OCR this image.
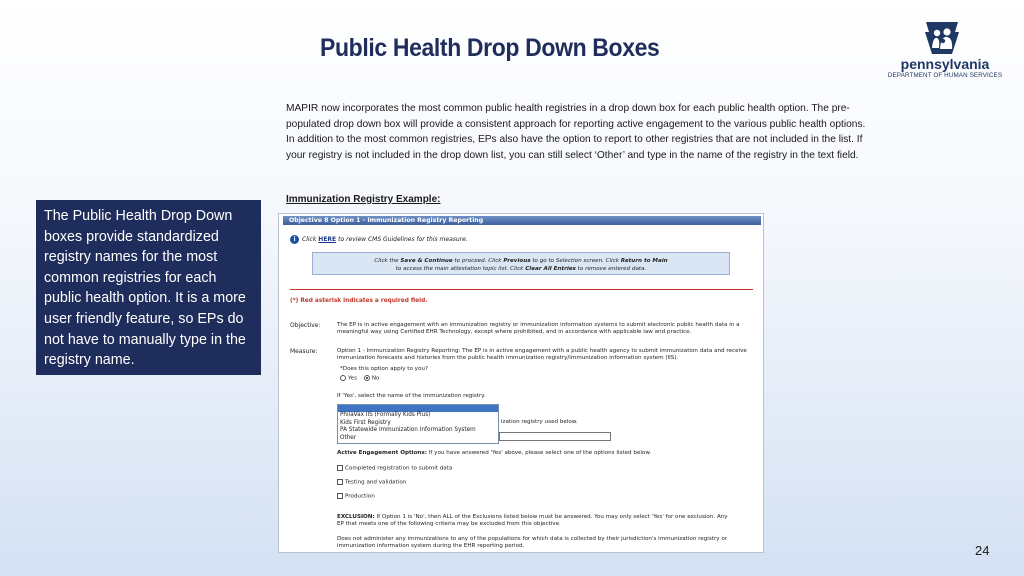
Public Health Drop Down Boxes
pennsylvania
DEPARTMENT OF HUMAN SERVICES
MAPIR now incorporates the most common public health registries in a drop down box for each public health option. The pre-populated drop down box will provide a consistent approach for reporting active engagement to the various public health options. In addition to the most common registries, EPs also have the option to report to other registries that are not included in the list. If your registry is not included in the drop down list, you can still select ‘Other’ and type in the name of the registry in the text field.
Immunization Registry Example:
The Public Health Drop Down boxes provide standardized registry names for the most common registries for each public health option. It is a more user friendly feature, so EPs do not have to manually type in the registry name.
Objective 8 Option 1 - Immunization Registry Reporting
i	Click HERE to review CMS Guidelines for this measure.
Click the Save & Continue to proceed. Click Previous to go to Selection screen. Click Return to Main
to access the main attestation topic list. Click Clear All Entries to remove entered data.
(*) Red asterisk indicates a required field.
Objective:	The EP is in active engagement with an immunization registry or immunization information systems to submit electronic public health data in a meaningful way using Certified EHR Technology, except where prohibited, and in accordance with applicable law and practice.
Measure:	Option 1 - Immunization Registry Reporting: The EP is in active engagement with a public health agency to submit immunization data and receive immunization forecasts and histories from the public health immunization registry/immunization information system (IIS).
*Does this option apply to you?
Yes	No
If 'Yes', select the name of the immunization registry.
PhilaVax IIS (Formally Kids Plus)
Kids First Registry
PA Statewide Immunization Information System
Other
ization registry used below.
Active Engagement Options: If you have answered 'Yes' above, please select one of the options listed below.
Completed registration to submit data
Testing and validation
Production
EXCLUSION: If Option 1 is 'No', then ALL of the Exclusions listed below must be answered. You may only select 'Yes' for one exclusion. Any EP that meets one of the following criteria may be excluded from this objective.
Does not administer any immunizations to any of the populations for which data is collected by their jurisdiction's immunization registry or immunization information system during the EHR reporting period.	24
